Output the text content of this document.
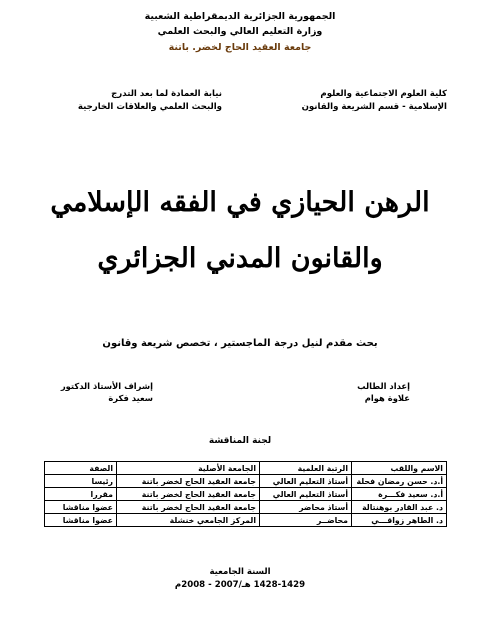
الجمهورية الجزائرية الديمقراطية الشعبية
وزارة التعليم العالي والبحث العلمي
جامعة العقيد الحاج لخضر. باتنة
كلية العلوم الاجتماعية والعلوم
الإسلامية - قسم الشريعة والقانون
نيابة العمادة لما بعد التدرج
والبحث العلمي والعلاقات الخارجية
الرهن الحيازي في الفقه الإسلامي
والقانون المدني الجزائري
بحث مقدم لنيل درجة الماجستير ، تخصص شريعة وقانون
إعداد الطالب
علاوة هوام
إشراف الأستاذ الدكتور
سعيد فكرة
لجنة المناقشة
الاسم واللقب	الرتبة العلمية	الجامعة الأصلية	الصفة
أ.د. حسن رمضان فحلة	أستاذ التعليم العالي	جامعة العقيد الحاج لخضر باتنة	رئيسا
أ.د. سعيد فكـــرة	أستاذ التعليم العالي	جامعة العقيد الحاج لخضر باتنة	مقررا
د. عبد القادر بوهنتالة	أستاذ محاضر	جامعة العقيد الحاج لخضر باتنة	عضوا مناقشا
د. الطاهر زواقـــي	محاضــر	المركز الجامعي خنشلة	عضوا مناقشا
السنة الجامعية
1428-1429 هـ/2007 - 2008م
